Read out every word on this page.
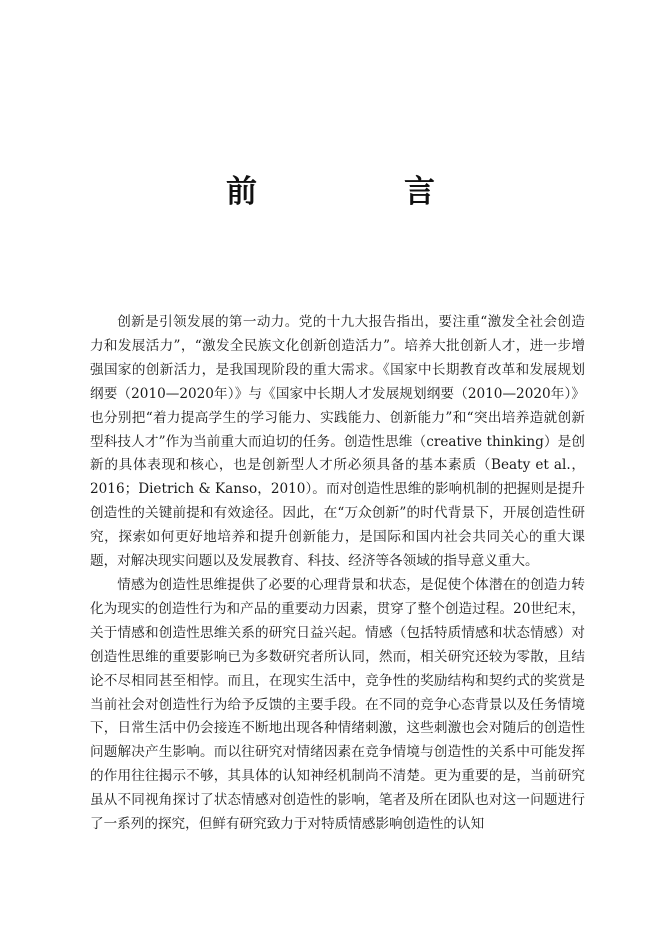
前　言

创新是引领发展的第一动力。党的十九大报告指出，要注重“激发全社会创造力和发展活力”，“激发全民族文化创新创造活力”。培养大批创新人才，进一步增强国家的创新活力，是我国现阶段的重大需求。《国家中长期教育改革和发展规划纲要（2010—2020年）》与《国家中长期人才发展规划纲要（2010—2020年）》也分别把“着力提高学生的学习能力、实践能力、创新能力”和“突出培养造就创新型科技人才”作为当前重大而迫切的任务。创造性思维（creative thinking）是创新的具体表现和核心，也是创新型人才所必须具备的基本素质（Beaty et al.，2016；Dietrich & Kanso，2010）。而对创造性思维的影响机制的把握则是提升创造性的关键前提和有效途径。因此，在“万众创新”的时代背景下，开展创造性研究，探索如何更好地培养和提升创新能力，是国际和国内社会共同关心的重大课题，对解决现实问题以及发展教育、科技、经济等各领域的指导意义重大。

情感为创造性思维提供了必要的心理背景和状态，是促使个体潜在的创造力转化为现实的创造性行为和产品的重要动力因素，贯穿了整个创造过程。20世纪末，关于情感和创造性思维关系的研究日益兴起。情感（包括特质情感和状态情感）对创造性思维的重要影响已为多数研究者所认同，然而，相关研究还较为零散，且结论不尽相同甚至相悖。而且，在现实生活中，竞争性的奖励结构和契约式的奖赏是当前社会对创造性行为给予反馈的主要手段。在不同的竞争心态背景以及任务情境下，日常生活中仍会接连不断地出现各种情绪刺激，这些刺激也会对随后的创造性问题解决产生影响。而以往研究对情绪因素在竞争情境与创造性的关系中可能发挥的作用往往揭示不够，其具体的认知神经机制尚不清楚。更为重要的是，当前研究虽从不同视角探讨了状态情感对创造性的影响，笔者及所在团队也对这一问题进行了一系列的探究，但鲜有研究致力于对特质情感影响创造性的认知
